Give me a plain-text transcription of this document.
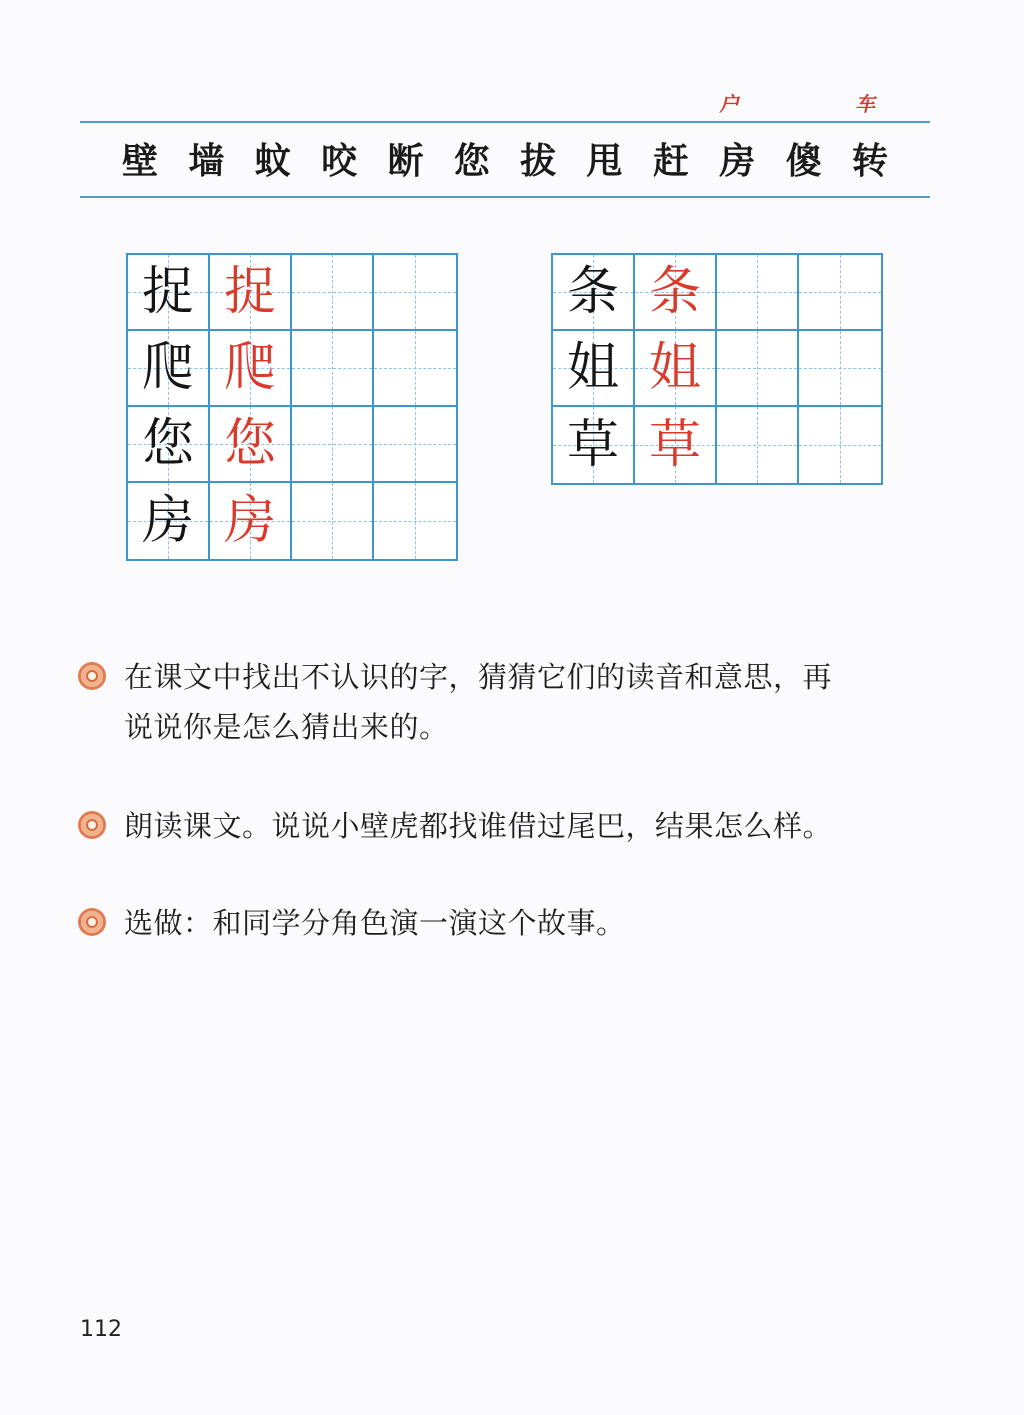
户	车
壁 墙 蚊 咬 断 您 拔 甩 赶 房 傻 转
捉 捉
爬 爬
您 您
房 房
条 条
姐 姐
草 草
在课文中找出不认识的字，猜猜它们的读音和意思，再
说说你是怎么猜出来的。
朗读课文。说说小壁虎都找谁借过尾巴，结果怎么样。
选做：和同学分角色演一演这个故事。
112
